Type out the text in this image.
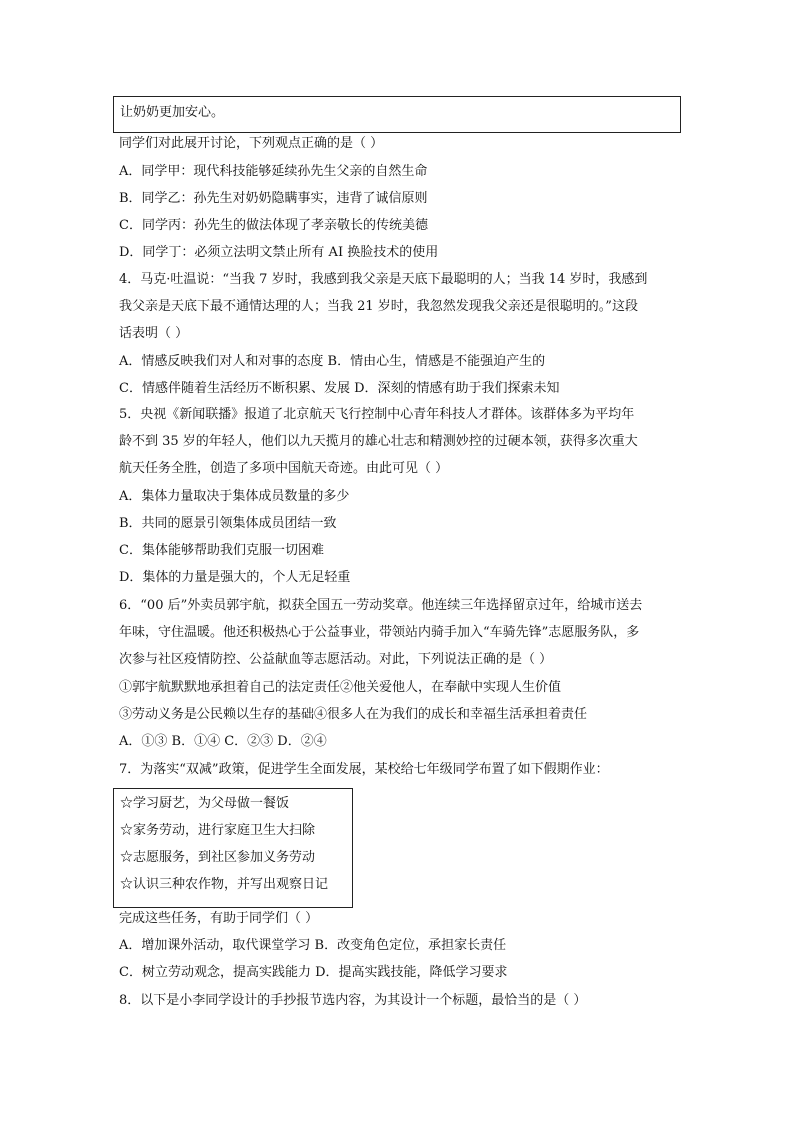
让奶奶更加安心。
同学们对此展开讨论，下列观点正确的是（ ）
A．同学甲：现代科技能够延续孙先生父亲的自然生命
B．同学乙：孙先生对奶奶隐瞒事实，违背了诚信原则
C．同学丙：孙先生的做法体现了孝亲敬长的传统美德
D．同学丁：必须立法明文禁止所有 AI 换脸技术的使用
4．马克·吐温说：“当我 7 岁时，我感到我父亲是天底下最聪明的人；当我 14 岁时，我感到
我父亲是天底下最不通情达理的人；当我 21 岁时，我忽然发现我父亲还是很聪明的。”这段
话表明（ ）
A．情感反映我们对人和对事的态度 B．情由心生，情感是不能强迫产生的
C．情感伴随着生活经历不断积累、发展 D．深刻的情感有助于我们探索未知
5．央视《新闻联播》报道了北京航天飞行控制中心青年科技人才群体。该群体多为平均年
龄不到 35 岁的年轻人，他们以九天揽月的雄心壮志和精测妙控的过硬本领，获得多次重大
航天任务全胜，创造了多项中国航天奇迹。由此可见（ ）
A．集体力量取决于集体成员数量的多少
B．共同的愿景引领集体成员团结一致
C．集体能够帮助我们克服一切困难
D．集体的力量是强大的，个人无足轻重
6．“00 后”外卖员郭宇航，拟获全国五一劳动奖章。他连续三年选择留京过年，给城市送去
年味，守住温暖。他还积极热心于公益事业，带领站内骑手加入“车骑先锋”志愿服务队，多
次参与社区疫情防控、公益献血等志愿活动。对此，下列说法正确的是（ ）
①郭宇航默默地承担着自己的法定责任②他关爱他人，在奉献中实现人生价值
③劳动义务是公民赖以生存的基础④很多人在为我们的成长和幸福生活承担着责任
A．①③ B．①④ C．②③ D．②④
7．为落实“双减”政策，促进学生全面发展，某校给七年级同学布置了如下假期作业：
☆学习厨艺，为父母做一餐饭
☆家务劳动，进行家庭卫生大扫除
☆志愿服务，到社区参加义务劳动
☆认识三种农作物，并写出观察日记
完成这些任务，有助于同学们（ ）
A．增加课外活动，取代课堂学习 B．改变角色定位，承担家长责任
C．树立劳动观念，提高实践能力 D．提高实践技能，降低学习要求
8．以下是小李同学设计的手抄报节选内容，为其设计一个标题，最恰当的是（ ）
